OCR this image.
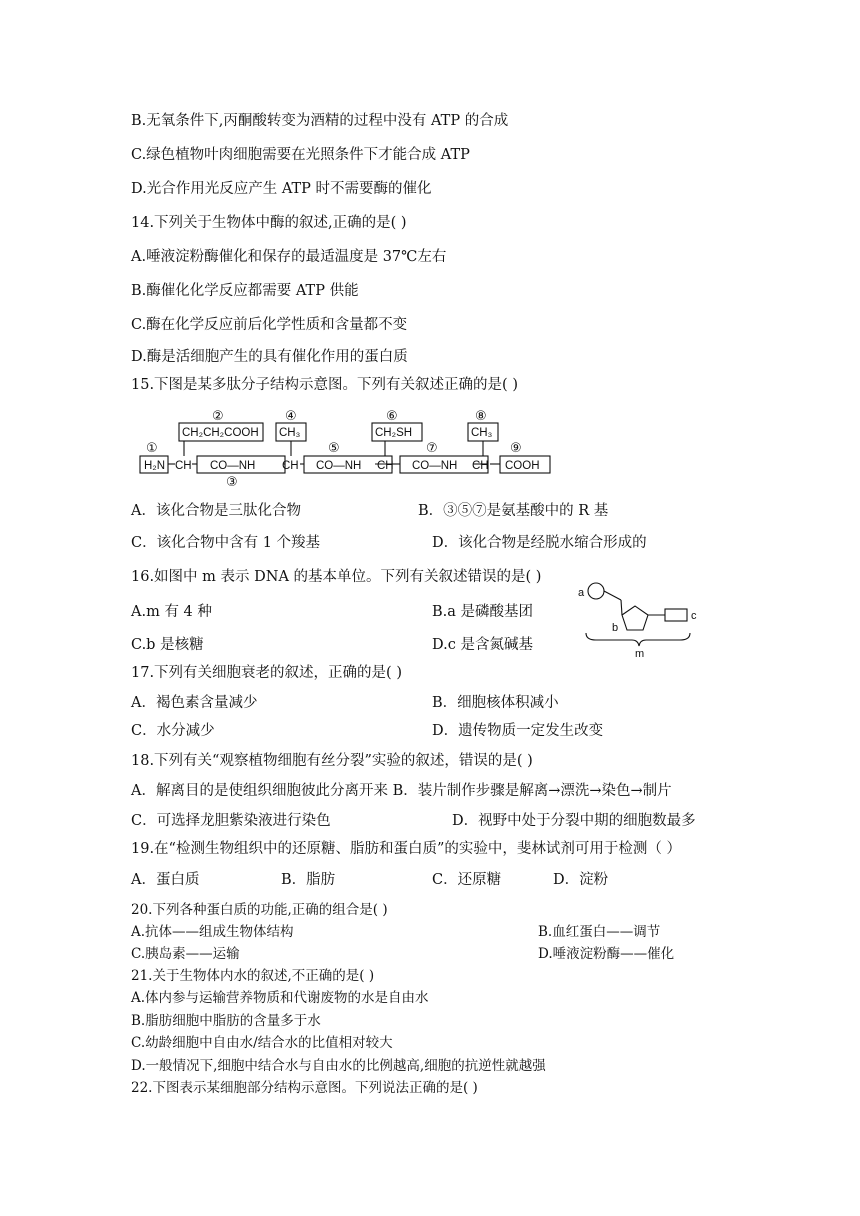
B.无氧条件下,丙酮酸转变为酒精的过程中没有 ATP 的合成
C.绿色植物叶肉细胞需要在光照条件下才能合成 ATP
D.光合作用光反应产生 ATP 时不需要酶的催化
14.下列关于生物体中酶的叙述,正确的是( )
A.唾液淀粉酶催化和保存的最适温度是 37℃左右
B.酶催化化学反应都需要 ATP 供能
C.酶在化学反应前后化学性质和含量都不变
D.酶是活细胞产生的具有催化作用的蛋白质
15.下图是某多肽分子结构示意图。下列有关叙述正确的是( )
H₂N CH CO—NH CH CO—NH CH CO—NH CH COOH
CH₂CH₂COOH CH₃	CH₂SH	CH₃
①
②
③
④
⑤
⑥
⑦
⑧
⑨
A．该化合物是三肽化合物	B．③⑤⑦是氨基酸中的 R 基
C．该化合物中含有 1 个羧基	D．该化合物是经脱水缩合形成的
16.如图中 m 表示 DNA 的基本单位。下列有关叙述错误的是( )
A.m 有 4 种	B.a 是磷酸基团
C.b 是核糖	D.c 是含氮碱基
a
b
c
m
17.下列有关细胞衰老的叙述，正确的是( )
A．褐色素含量减少	B．细胞核体积减小
C．水分减少	D．遗传物质一定发生改变
18.下列有关“观察植物细胞有丝分裂”实验的叙述，错误的是( )
A．解离目的是使组织细胞彼此分离开来 B．装片制作步骤是解离→漂洗→染色→制片
C．可选择龙胆紫染液进行染色	D．视野中处于分裂中期的细胞数最多
19.在“检测生物组织中的还原糖、脂肪和蛋白质”的实验中，斐林试剂可用于检测（ ）
A．蛋白质	B．脂肪	C．还原糖	D．淀粉
20.下列各种蛋白质的功能,正确的组合是( )
A.抗体——组成生物体结构	B.血红蛋白——调节
C.胰岛素——运输	D.唾液淀粉酶——催化
21.关于生物体内水的叙述,不正确的是( )
A.体内参与运输营养物质和代谢废物的水是自由水
B.脂肪细胞中脂肪的含量多于水
C.幼龄细胞中自由水/结合水的比值相对较大
D.一般情况下,细胞中结合水与自由水的比例越高,细胞的抗逆性就越强
22.下图表示某细胞部分结构示意图。下列说法正确的是( )
